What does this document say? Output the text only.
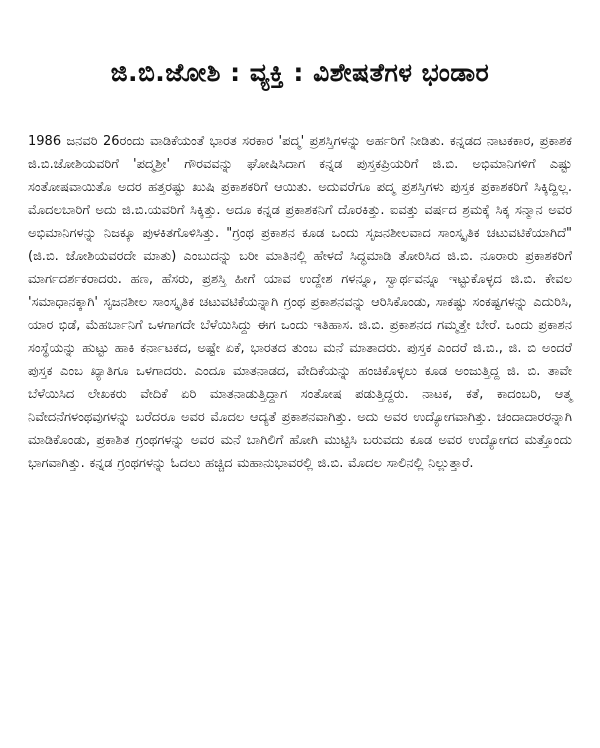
ಜಿ.ಬಿ.ಜೋಶಿ : ವ್ಯಕ್ತಿ : ವಿಶೇಷತೆಗಳ ಭಂಡಾರ

1986 ಜನವರಿ 26ರಂದು ವಾಡಿಕೆಯಂತೆ ಭಾರತ ಸರಕಾರ 'ಪದ್ಮ' ಪ್ರಶಸ್ತಿಗಳನ್ನು ಅರ್ಹರಿಗೆ ನೀಡಿತು. ಕನ್ನಡದ ನಾಟಕಕಾರ, ಪ್ರಕಾಶಕ ಜಿ.ಬಿ.ಜೋಶಿಯವರಿಗೆ 'ಪದ್ಮಶ್ರೀ' ಗೌರವವನ್ನು ಘೋಷಿಸಿದಾಗ ಕನ್ನಡ ಪುಸ್ತಕಪ್ರಿಯರಿಗೆ ಜಿ.ಬಿ. ಅಭಿಮಾನಿಗಳಿಗೆ ಎಷ್ಟು ಸಂತೋಷವಾಯಿತೊ ಅದರ ಹತ್ತರಷ್ಟು ಖುಷಿ ಪ್ರಕಾಶಕರಿಗೆ ಆಯಿತು. ಅದುವರೆಗೂ ಪದ್ಮ ಪ್ರಶಸ್ತಿಗಳು ಪುಸ್ತಕ ಪ್ರಕಾಶಕರಿಗೆ ಸಿಕ್ಕಿದ್ದಿಲ್ಲ. ಮೊದಲಬಾರಿಗೆ ಅದು ಜಿ.ಬಿ.ಯವರಿಗೆ ಸಿಕ್ಕಿತ್ತು. ಅದೂ ಕನ್ನಡ ಪ್ರಕಾಶಕನಿಗೆ ದೊರಕಿತ್ತು. ಐವತ್ತು ವರ್ಷದ ಶ್ರಮಕ್ಕೆ ಸಿಕ್ಕ ಸನ್ಮಾನ ಅವರ ಅಭಿಮಾನಿಗಳನ್ನು ನಿಜಕ್ಕೂ ಪುಳಕಿತಗೊಳಿಸಿತ್ತು. "ಗ್ರಂಥ ಪ್ರಕಾಶನ ಕೂಡ ಒಂದು ಸೃಜನಶೀಲವಾದ ಸಾಂಸ್ಕೃತಿಕ ಚಟುವಟಿಕೆಯಾಗಿದೆ" (ಜಿ.ಬಿ. ಜೋಶಿಯವರದೇ ಮಾತು) ಎಂಬುದನ್ನು ಬರೀ ಮಾತಿನಲ್ಲಿ ಹೇಳದೆ ಸಿದ್ಧಮಾಡಿ ತೋರಿಸಿದ ಜಿ.ಬಿ. ನೂರಾರು ಪ್ರಕಾಶಕರಿಗೆ ಮಾರ್ಗದರ್ಶಕರಾದರು. ಹಣ, ಹೆಸರು, ಪ್ರಶಸ್ತಿ ಹೀಗೆ ಯಾವ ಉದ್ದೇಶ ಗಳನ್ನೂ, ಸ್ವಾರ್ಥವನ್ನೂ ಇಟ್ಟುಕೊಳ್ಳದ ಜಿ.ಬಿ. ಕೇವಲ 'ಸಮಾಧಾನಕ್ಕಾಗಿ' ಸೃಜನಶೀಲ ಸಾಂಸ್ಕೃತಿಕ ಚಟುವಟಿಕೆಯನ್ನಾಗಿ ಗ್ರಂಥ ಪ್ರಕಾಶನವನ್ನು ಆರಿಸಿಕೊಂಡು, ಸಾಕಷ್ಟು ಸಂಕಷ್ಟಗಳನ್ನು ಎದುರಿಸಿ, ಯಾರ ಭಿಡೆ, ಮೆಹರ್ಬಾನಿಗೆ ಒಳಗಾಗದೇ ಬೆಳೆಯಿಸಿದ್ದು ಈಗ ಒಂದು ಇತಿಹಾಸ. ಜಿ.ಬಿ. ಪ್ರಕಾಶನದ ಗಮ್ಮತ್ತೇ ಬೇರೆ. ಒಂದು ಪ್ರಕಾಶನ ಸಂಸ್ಥೆಯನ್ನು ಹುಟ್ಟು ಹಾಕಿ ಕರ್ನಾಟಕದ, ಅಷ್ಟೇ ಏಕೆ, ಭಾರತದ ತುಂಬ ಮನೆ ಮಾತಾದರು. ಪುಸ್ತಕ ಎಂದರೆ ಜಿ.ಬಿ., ಜಿ. ಬಿ ಅಂದರೆ ಪುಸ್ತಕ ಎಂಬ ಖ್ಯಾತಿಗೂ ಒಳಗಾದರು. ಎಂದೂ ಮಾತನಾಡದ, ವೇದಿಕೆಯನ್ನು ಹಂಚಿಕೊಳ್ಳಲು ಕೂಡ ಅಂಜುತ್ತಿದ್ದ ಜಿ. ಬಿ. ತಾವೇ ಬೆಳೆಯಿಸಿದ ಲೇಖಕರು ವೇದಿಕೆ ಏರಿ ಮಾತನಾಡುತ್ತಿದ್ದಾಗ ಸಂತೋಷ ಪಡುತ್ತಿದ್ದರು. ನಾಟಕ, ಕತೆ, ಕಾದಂಬರಿ, ಆತ್ಮ ನಿವೇದನೆಗಳಂಥವುಗಳನ್ನು ಬರೆದರೂ ಅವರ ಮೊದಲ ಆದ್ಯತೆ ಪ್ರಕಾಶನವಾಗಿತ್ತು. ಅದು ಅವರ ಉದ್ಯೋಗವಾಗಿತ್ತು. ಚಂದಾದಾರರನ್ನಾಗಿ ಮಾಡಿಕೊಂಡು, ಪ್ರಕಾಶಿತ ಗ್ರಂಥಗಳನ್ನು ಅವರ ಮನೆ ಬಾಗಿಲಿಗೆ ಹೋಗಿ ಮುಟ್ಟಿಸಿ ಬರುವದು ಕೂಡ ಅವರ ಉದ್ಯೋಗದ ಮತ್ತೊಂದು ಭಾಗವಾಗಿತ್ತು. ಕನ್ನಡ ಗ್ರಂಥಗಳನ್ನು ಓದಲು ಹಚ್ಚಿದ ಮಹಾನುಭಾವರಲ್ಲಿ ಜಿ.ಬಿ. ಮೊದಲ ಸಾಲಿನಲ್ಲಿ ನಿಲ್ಲುತ್ತಾರೆ.
